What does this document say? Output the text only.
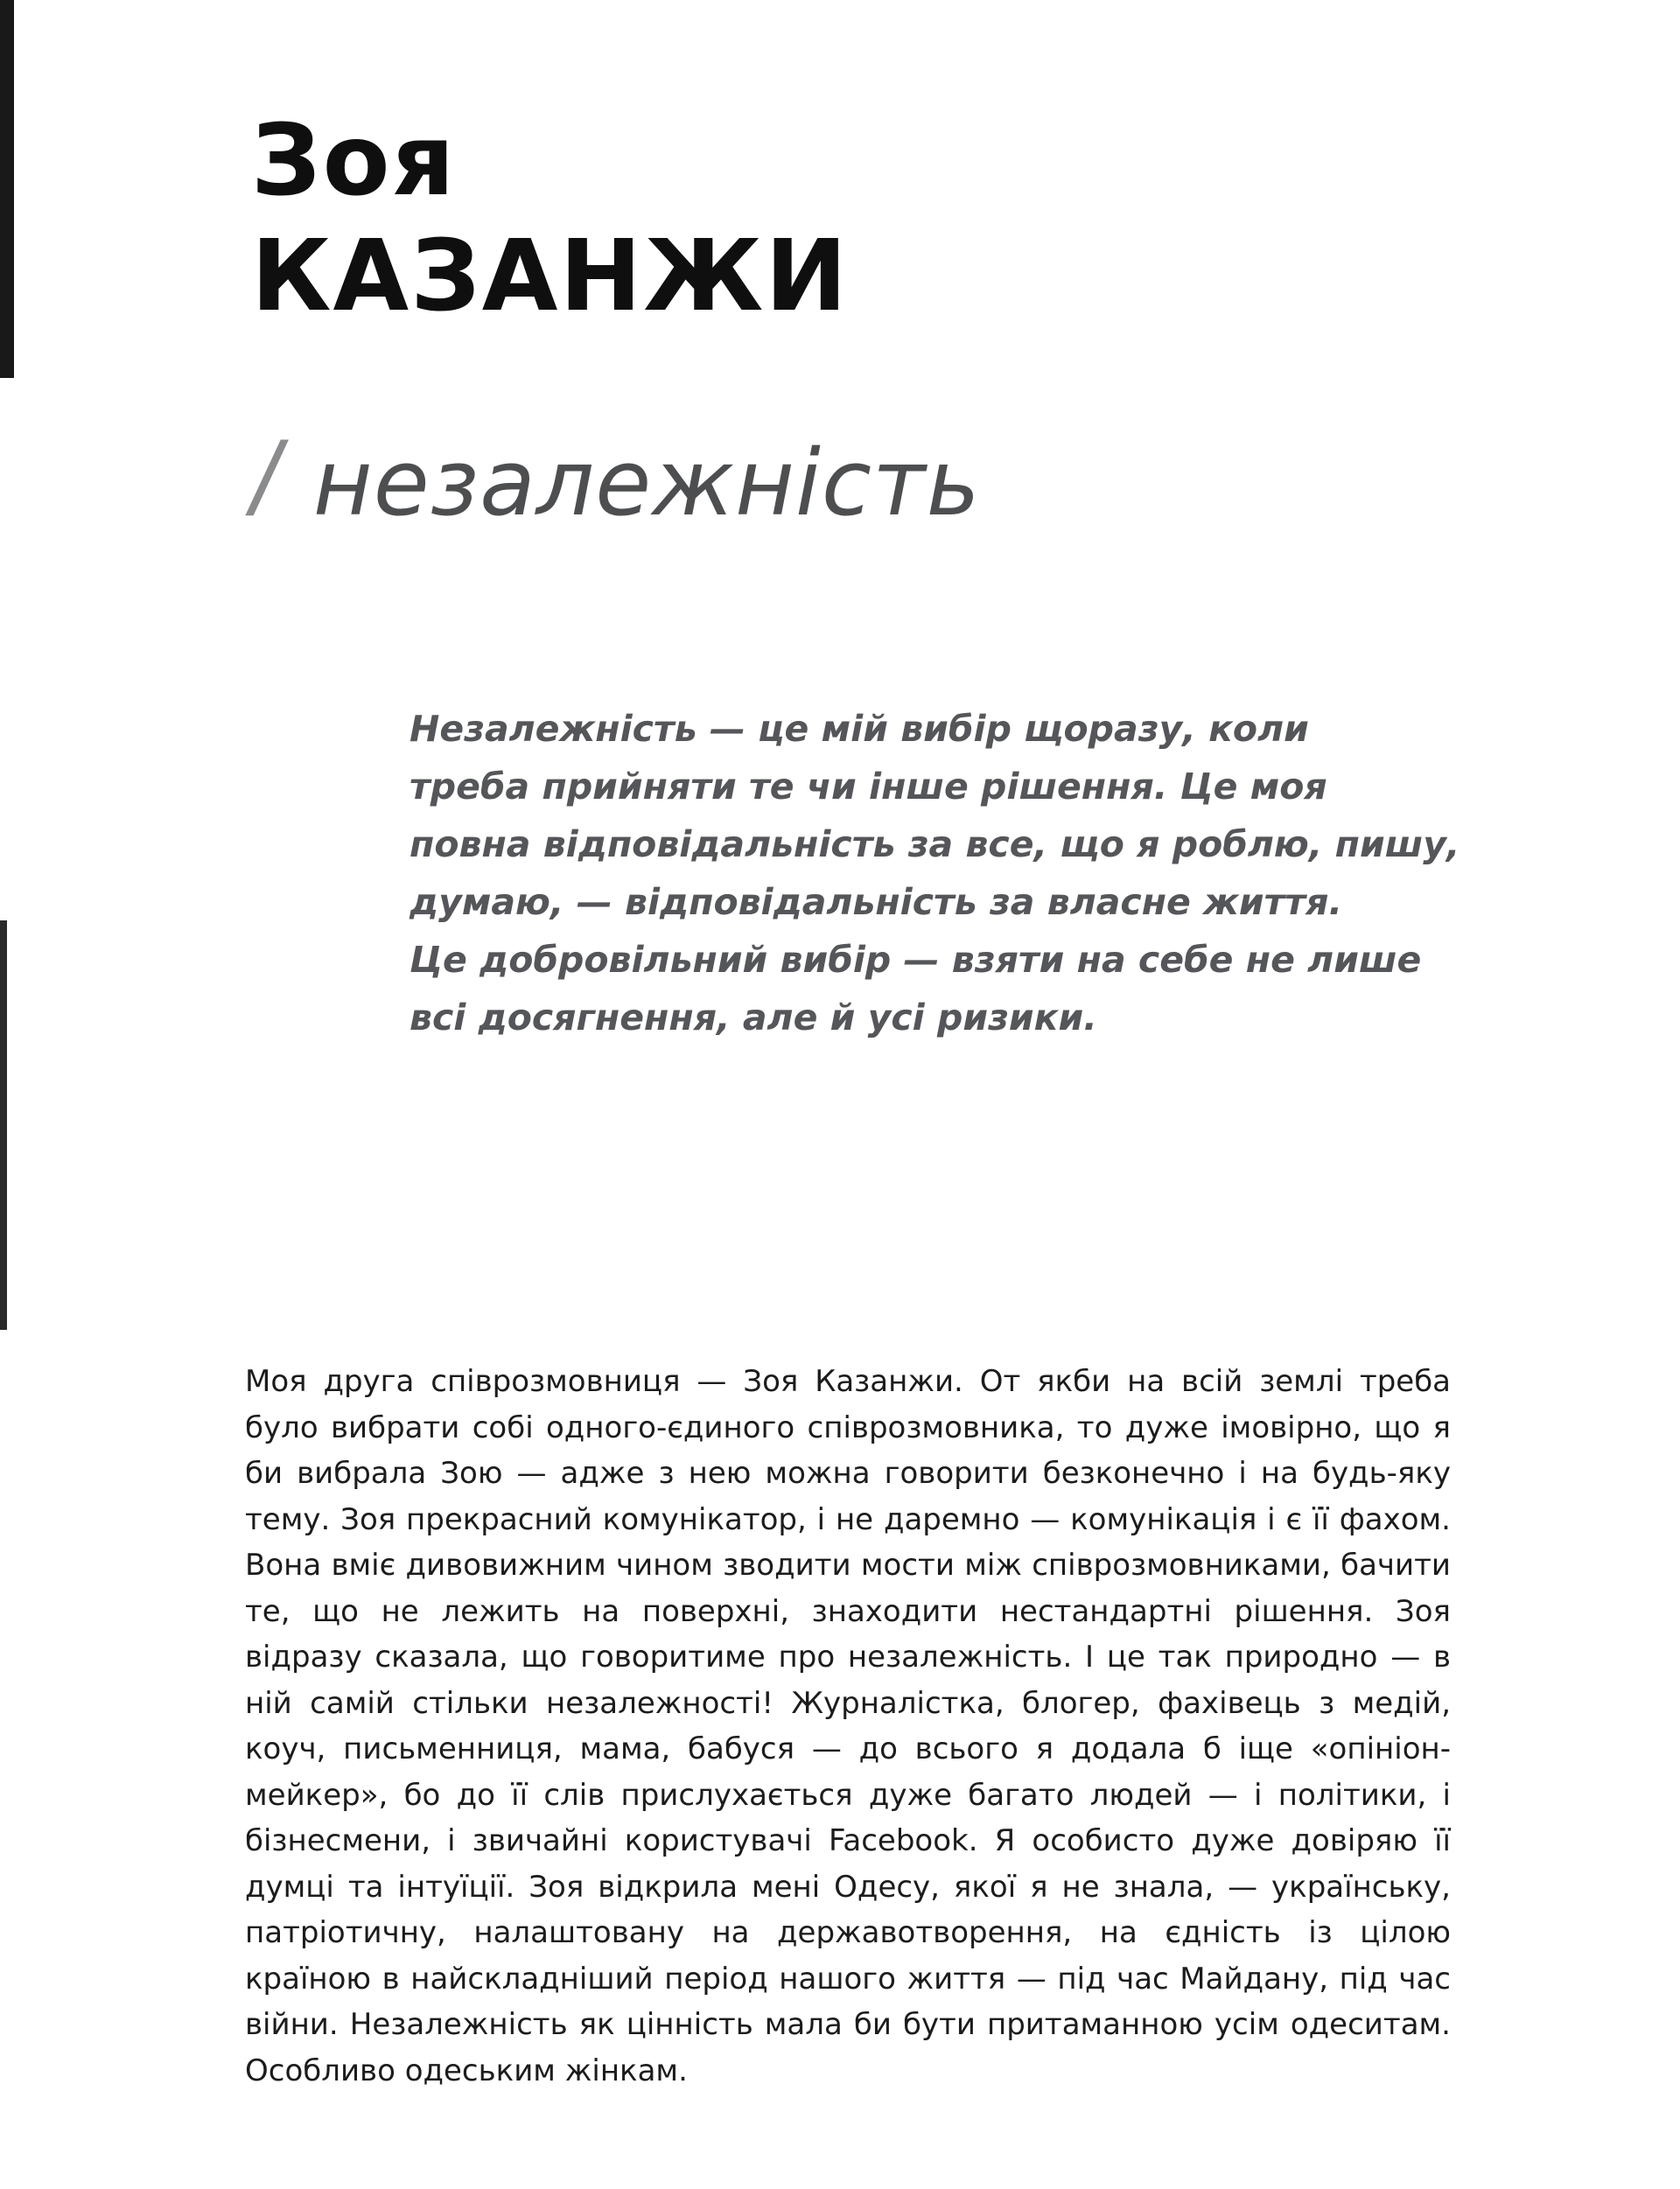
Зоя
КАЗАНЖИ
/ незалежність
Незалежність — це мій вибір щоразу, коли
треба прийняти те чи інше рішення. Це моя
повна відповідальність за все, що я роблю, пишу,
думаю, — відповідальність за власне життя.
Це добровільний вибір — взяти на себе не лише
всі досягнення, але й усі ризики.
Моя друга співрозмовниця — Зоя Казанжи. От якби на всій землі треба було вибрати собі одного-єдиного співрозмовника, то дуже імовірно, що я би вибрала Зою — адже з нею можна говорити безконечно і на будь-яку тему. Зоя прекрасний комунікатор, і не даремно — комунікація і є її фахом. Вона вміє дивовижним чином зводити мости між співрозмовниками, бачити те, що не лежить на поверхні, знаходити нестандартні рішення. Зоя відразу сказала, що говоритиме про незалежність. І це так природно — в ній самій стільки незалежності! Журналістка, блогер, фахівець з медій, коуч, письменниця, мама, бабуся — до всього я додала б іще «опініон-мейкер», бо до її слів прислухається дуже багато людей — і політики, і бізнесмени, і звичайні користувачі Facebook. Я особисто дуже довіряю її думці та інтуїції. Зоя відкрила мені Одесу, якої я не знала, — українську, патріотичну, налаштовану на державотворення, на єдність із цілою країною в найскладніший період нашого життя — під час Майдану, під час війни. Незалежність як цінність мала би бути притаманною усім одеситам. Особливо одеським жінкам.
